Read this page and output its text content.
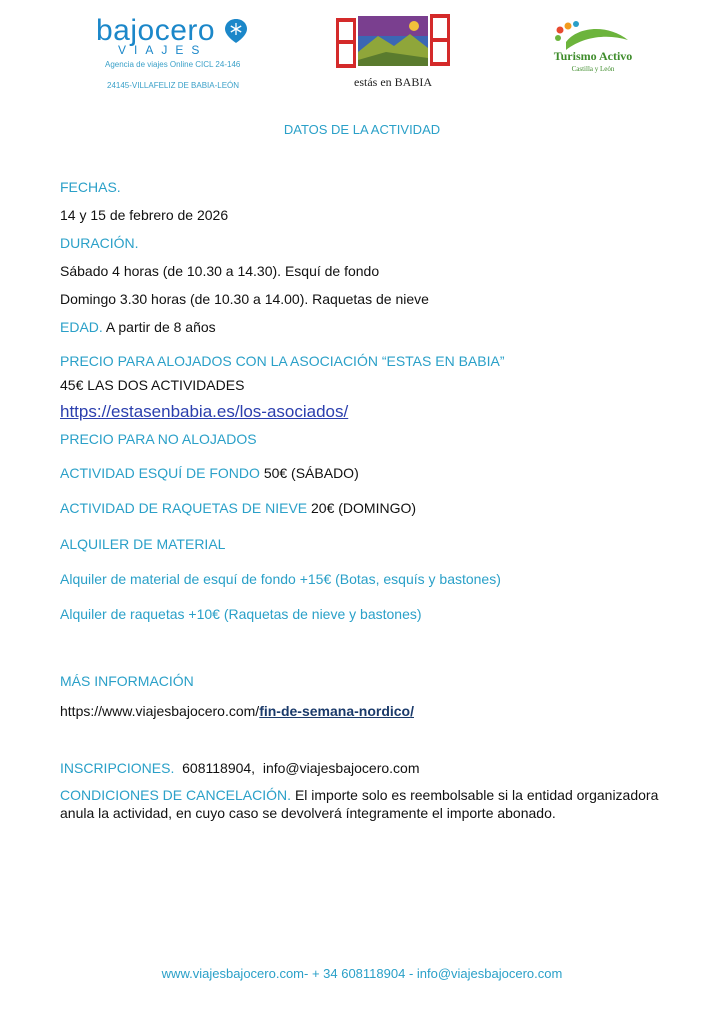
bajocero
VIAJES
Agencia de viajes Online CICL 24-146
24145-VILLAFELIZ DE BABIA-LEÓN	estás en BABIA
Turismo Activo
Castilla y León
DATOS DE LA ACTIVIDAD
FECHAS.
14 y 15 de febrero de 2026
DURACIÓN.
Sábado 4 horas (de 10.30 a 14.30). Esquí de fondo
Domingo 3.30 horas (de 10.30 a 14.00). Raquetas de nieve
EDAD. A partir de 8 años
PRECIO PARA ALOJADOS CON LA ASOCIACIÓN “ESTAS EN BABIA”
45€ LAS DOS ACTIVIDADES
https://estasenbabia.es/los-asociados/
PRECIO PARA NO ALOJADOS
ACTIVIDAD ESQUÍ DE FONDO 50€ (SÁBADO)
ACTIVIDAD DE RAQUETAS DE NIEVE 20€ (DOMINGO)
ALQUILER DE MATERIAL
Alquiler de material de esquí de fondo +15€ (Botas, esquís y bastones)
Alquiler de raquetas +10€ (Raquetas de nieve y bastones)
MÁS INFORMACIÓN
https://www.viajesbajocero.com/fin-de-semana-nordico/
INSCRIPCIONES. 608118904, info@viajesbajocero.com
CONDICIONES DE CANCELACIÓN. El importe solo es reembolsable si la entidad organizadora anula la actividad, en cuyo caso se devolverá íntegramente el importe abonado.
www.viajesbajocero.com- + 34 608118904 - info@viajesbajocero.com
